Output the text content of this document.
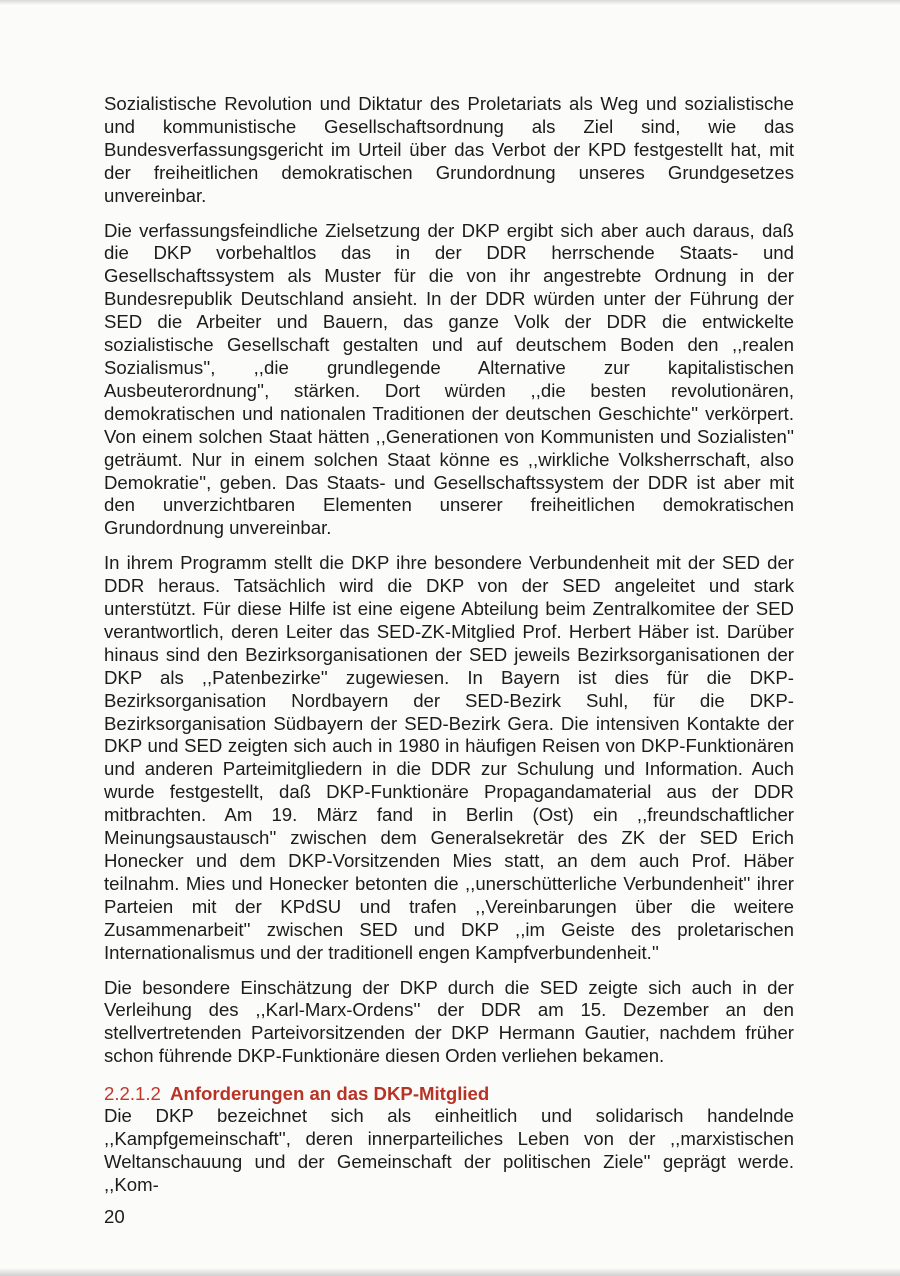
Sozialistische Revolution und Diktatur des Proletariats als Weg und sozialistische und kommunistische Gesellschaftsordnung als Ziel sind, wie das Bundesverfassungsgericht im Urteil über das Verbot der KPD festgestellt hat, mit der freiheitlichen demokratischen Grundordnung unseres Grundgesetzes unvereinbar.

Die verfassungsfeindliche Zielsetzung der DKP ergibt sich aber auch daraus, daß die DKP vorbehaltlos das in der DDR herrschende Staats- und Gesellschaftssystem als Muster für die von ihr angestrebte Ordnung in der Bundesrepublik Deutschland ansieht. In der DDR würden unter der Führung der SED die Arbeiter und Bauern, das ganze Volk der DDR die entwickelte sozialistische Gesellschaft gestalten und auf deutschem Boden den ,,realen Sozialismus'', ,,die grundlegende Alternative zur kapitalistischen Ausbeuterordnung'', stärken. Dort würden ,,die besten revolutionären, demokratischen und nationalen Traditionen der deutschen Geschichte'' verkörpert. Von einem solchen Staat hätten ,,Generationen von Kommunisten und Sozialisten'' geträumt. Nur in einem solchen Staat könne es ,,wirkliche Volksherrschaft, also Demokratie'', geben. Das Staats- und Gesellschaftssystem der DDR ist aber mit den unverzichtbaren Elementen unserer freiheitlichen demokratischen Grundordnung unvereinbar.

In ihrem Programm stellt die DKP ihre besondere Verbundenheit mit der SED der DDR heraus. Tatsächlich wird die DKP von der SED angeleitet und stark unterstützt. Für diese Hilfe ist eine eigene Abteilung beim Zentralkomitee der SED verantwortlich, deren Leiter das SED-ZK-Mitglied Prof. Herbert Häber ist. Darüber hinaus sind den Bezirksorganisationen der SED jeweils Bezirksorganisationen der DKP als ,,Patenbezirke'' zugewiesen. In Bayern ist dies für die DKP-Bezirksorganisation Nordbayern der SED-Bezirk Suhl, für die DKP-Bezirksorganisation Südbayern der SED-Bezirk Gera. Die intensiven Kontakte der DKP und SED zeigten sich auch in 1980 in häufigen Reisen von DKP-Funktionären und anderen Parteimitgliedern in die DDR zur Schulung und Information. Auch wurde festgestellt, daß DKP-Funktionäre Propagandamaterial aus der DDR mitbrachten. Am 19. März fand in Berlin (Ost) ein ,,freundschaftlicher Meinungsaustausch'' zwischen dem Generalsekretär des ZK der SED Erich Honecker und dem DKP-Vorsitzenden Mies statt, an dem auch Prof. Häber teilnahm. Mies und Honecker betonten die ,,unerschütterliche Verbundenheit'' ihrer Parteien mit der KPdSU und trafen ,,Vereinbarungen über die weitere Zusammenarbeit'' zwischen SED und DKP ,,im Geiste des proletarischen Internationalismus und der traditionell engen Kampfverbundenheit.''

Die besondere Einschätzung der DKP durch die SED zeigte sich auch in der Verleihung des ,,Karl-Marx-Ordens'' der DDR am 15. Dezember an den stellvertretenden Parteivorsitzenden der DKP Hermann Gautier, nachdem früher schon führende DKP-Funktionäre diesen Orden verliehen bekamen.

2.2.1.2 Anforderungen an das DKP-Mitglied

Die DKP bezeichnet sich als einheitlich und solidarisch handelnde ,,Kampfgemeinschaft'', deren innerparteiliches Leben von der ,,marxistischen Weltanschauung und der Gemeinschaft der politischen Ziele'' geprägt werde. ,,Kom-

20
